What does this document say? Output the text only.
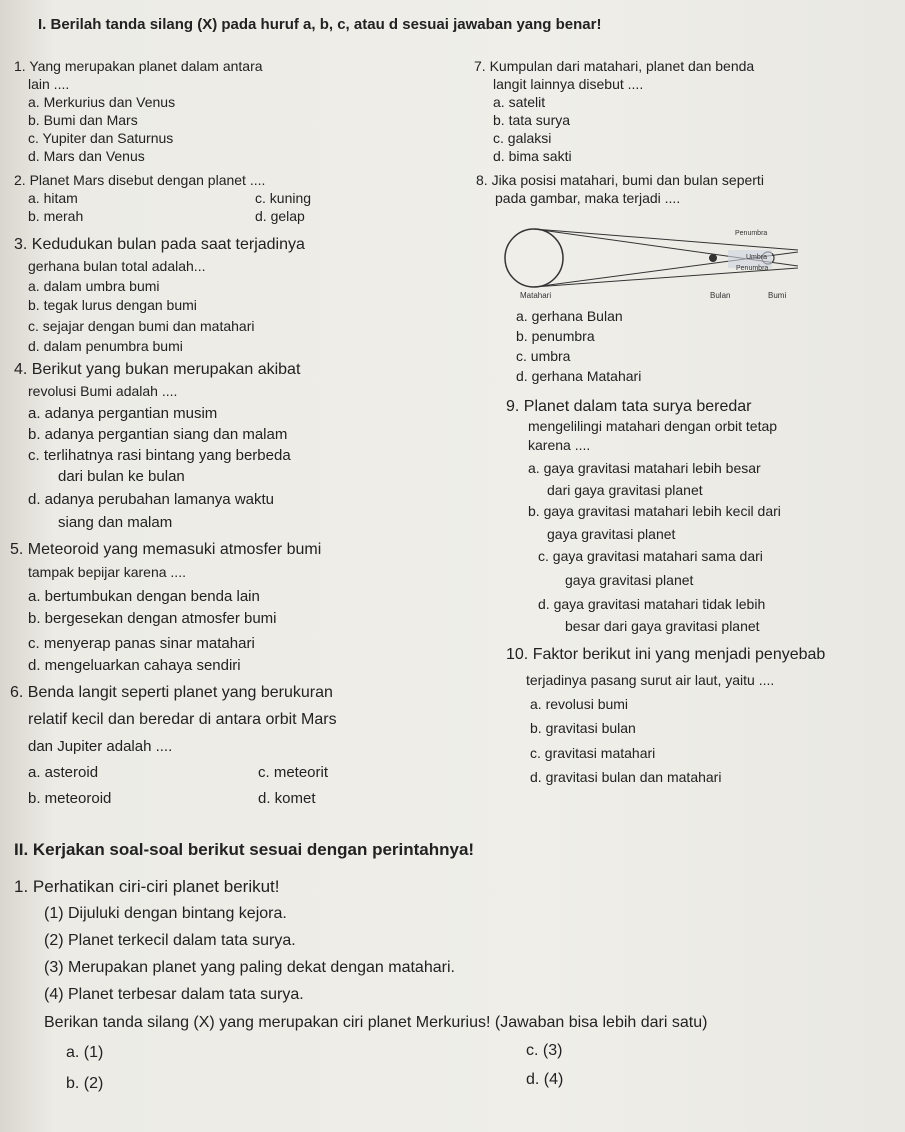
I. Berilah tanda silang (X) pada huruf a, b, c, atau d sesuai jawaban yang benar!
1. Yang merupakan planet dalam antara
lain ....
a. Merkurius dan Venus
b. Bumi dan Mars
c. Yupiter dan Saturnus
d. Mars dan Venus
7. Kumpulan dari matahari, planet dan benda
langit lainnya disebut ....
a. satelit
b. tata surya
c. galaksi
d. bima sakti
2. Planet Mars disebut dengan planet ....
a. hitam	c. kuning
b. merah	d. gelap
8. Jika posisi matahari, bumi dan bulan seperti
pada gambar, maka terjadi ....
Penumbra
Umbra
Penumbra
Matahari	Bulan	Bumi
3. Kedudukan bulan pada saat terjadinya
gerhana bulan total adalah...
a. dalam umbra bumi
b. tegak lurus dengan bumi
c. sejajar dengan bumi dan matahari
d. dalam penumbra bumi
a. gerhana Bulan
b. penumbra
c. umbra
d. gerhana Matahari
4. Berikut yang bukan merupakan akibat
revolusi Bumi adalah ....
a. adanya pergantian musim
b. adanya pergantian siang dan malam
c. terlihatnya rasi bintang yang berbeda
dari bulan ke bulan
d. adanya perubahan lamanya waktu
siang dan malam
9. Planet dalam tata surya beredar
mengelilingi matahari dengan orbit tetap
karena ....
a. gaya gravitasi matahari lebih besar
dari gaya gravitasi planet
b. gaya gravitasi matahari lebih kecil dari
gaya gravitasi planet
c. gaya gravitasi matahari sama dari
gaya gravitasi planet
d. gaya gravitasi matahari tidak lebih
besar dari gaya gravitasi planet
5. Meteoroid yang memasuki atmosfer bumi
tampak bepijar karena ....
a. bertumbukan dengan benda lain
b. bergesekan dengan atmosfer bumi
c. menyerap panas sinar matahari
d. mengeluarkan cahaya sendiri
10. Faktor berikut ini yang menjadi penyebab
terjadinya pasang surut air laut, yaitu ....
a. revolusi bumi
b. gravitasi bulan
c. gravitasi matahari
d. gravitasi bulan dan matahari
6. Benda langit seperti planet yang berukuran
relatif kecil dan beredar di antara orbit Mars
dan Jupiter adalah ....
a. asteroid	c. meteorit
b. meteoroid	d. komet
II. Kerjakan soal-soal berikut sesuai dengan perintahnya!
1. Perhatikan ciri-ciri planet berikut!
(1) Dijuluki dengan bintang kejora.
(2) Planet terkecil dalam tata surya.
(3) Merupakan planet yang paling dekat dengan matahari.
(4) Planet terbesar dalam tata surya.
Berikan tanda silang (X) yang merupakan ciri planet Merkurius! (Jawaban bisa lebih dari satu)
a. (1)	c. (3)
b. (2)	d. (4)
